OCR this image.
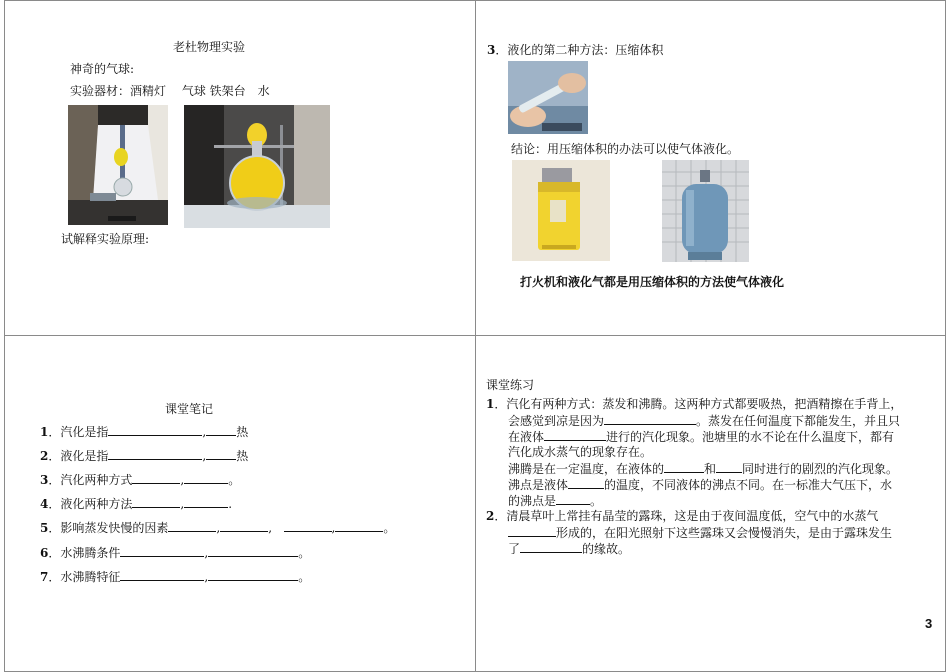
老杜物理实验
神奇的气球:
实验器材：酒精灯　 气球 铁架台　水
试解释实验原理:
3．液化的第二种方法：压缩体积
结论：用压缩体积的办法可以使气体液化。
打火机和液化气都是用压缩体积的方法使气体液化
课堂笔记
1．汽化是指	,	热
2．液化是指	,	热
3．汽化两种方式	,	。
4．液化两种方法	,	.
5．影响蒸发快慢的因素	,	,	,	。
6．水沸腾条件	,	。
7．水沸腾特征	,	。
课堂练习
1．汽化有两种方式：蒸发和沸腾。这两种方式都要吸热，把酒精擦在手背上，
会感觉到凉是因为	。蒸发在任何温度下都能发生，并且只
在液体	进行的汽化现象。池塘里的水不论在什么温度下，都有
汽化成水蒸气的现象存在。
沸腾是在一定温度，在液体的	和 同时进行的剧烈的汽化现象。
沸点是液体	的温度，不同液体的沸点不同。在一标准大气压下，水
的沸点是	。
2．清晨草叶上常挂有晶莹的露珠，这是由于夜间温度低，空气中的水蒸气
形成的，在阳光照射下这些露珠又会慢慢消失，是由于露珠发生
了	的缘故。
3
